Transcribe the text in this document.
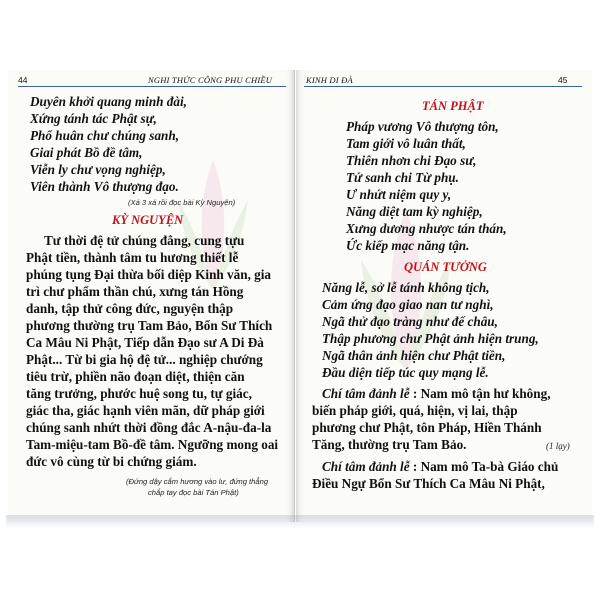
44	NGHI THỨC CÔNG PHU CHIỀU
Duyên khởi quang minh đài,
Xứng tánh tác Phật sự,
Phổ huân chư chúng sanh,
Giai phát Bồ đề tâm,
Viễn ly chư vọng nghiệp,
Viên thành Vô thượng đạo.
(Xá 3 xá rồi đọc bài Kỳ Nguyện)
KỲ NGUYỆN
Tư thời đệ tử chúng đẳng, cung tựu
Phật tiền, thành tâm tu hương thiết lễ
phúng tụng Đại thừa bối diệp Kinh văn, gia
trì chư phẩm thần chú, xưng tán Hồng
danh, tập thử công đức, nguyện thập
phương thường trụ Tam Bảo, Bổn Sư Thích
Ca Mâu Ni Phật, Tiếp dẫn Đạo sư A Di Đà
Phật... Từ bi gia hộ đệ tử... nghiệp chướng
tiêu trừ, phiền não đoạn diệt, thiện căn
tăng trưởng, phước huệ song tu, tự giác,
giác tha, giác hạnh viên mãn, dữ pháp giới
chúng sanh nhứt thời đồng đắc A-nậu-đa-la
Tam-miệu-tam Bồ-đề tâm. Ngưỡng mong oai
đức vô cùng từ bi chứng giám.
(Đứng dậy cắm hương vào lư, đứng thẳng
chắp tay đọc bài Tán Phật)
KINH DI ĐÀ	45
TÁN PHẬT
Pháp vương Vô thượng tôn,
Tam giới vô luân thất,
Thiên nhơn chi Đạo sư,
Tứ sanh chi Từ phụ.
Ư nhứt niệm quy y,
Năng diệt tam kỳ nghiệp,
Xưng dương nhược tán thán,
Ức kiếp mạc năng tận.
QUÁN TƯỞNG
Năng lễ, sở lễ tánh không tịch,
Cảm ứng đạo giao nan tư nghì,
Ngã thử đạo tràng như đế châu,
Thập phương chư Phật ảnh hiện trung,
Ngã thân ảnh hiện chư Phật tiền,
Đầu diện tiếp túc quy mạng lễ.
Chí tâm đảnh lễ : Nam mô tận hư không,
biến pháp giới, quá, hiện, vị lai, thập
phương chư Phật, tôn Pháp, Hiền Thánh
Tăng, thường trụ Tam Bảo.	(1 lạy)
Chí tâm đảnh lễ : Nam mô Ta-bà Giáo chủ
Điều Ngự Bổn Sư Thích Ca Mâu Ni Phật,
